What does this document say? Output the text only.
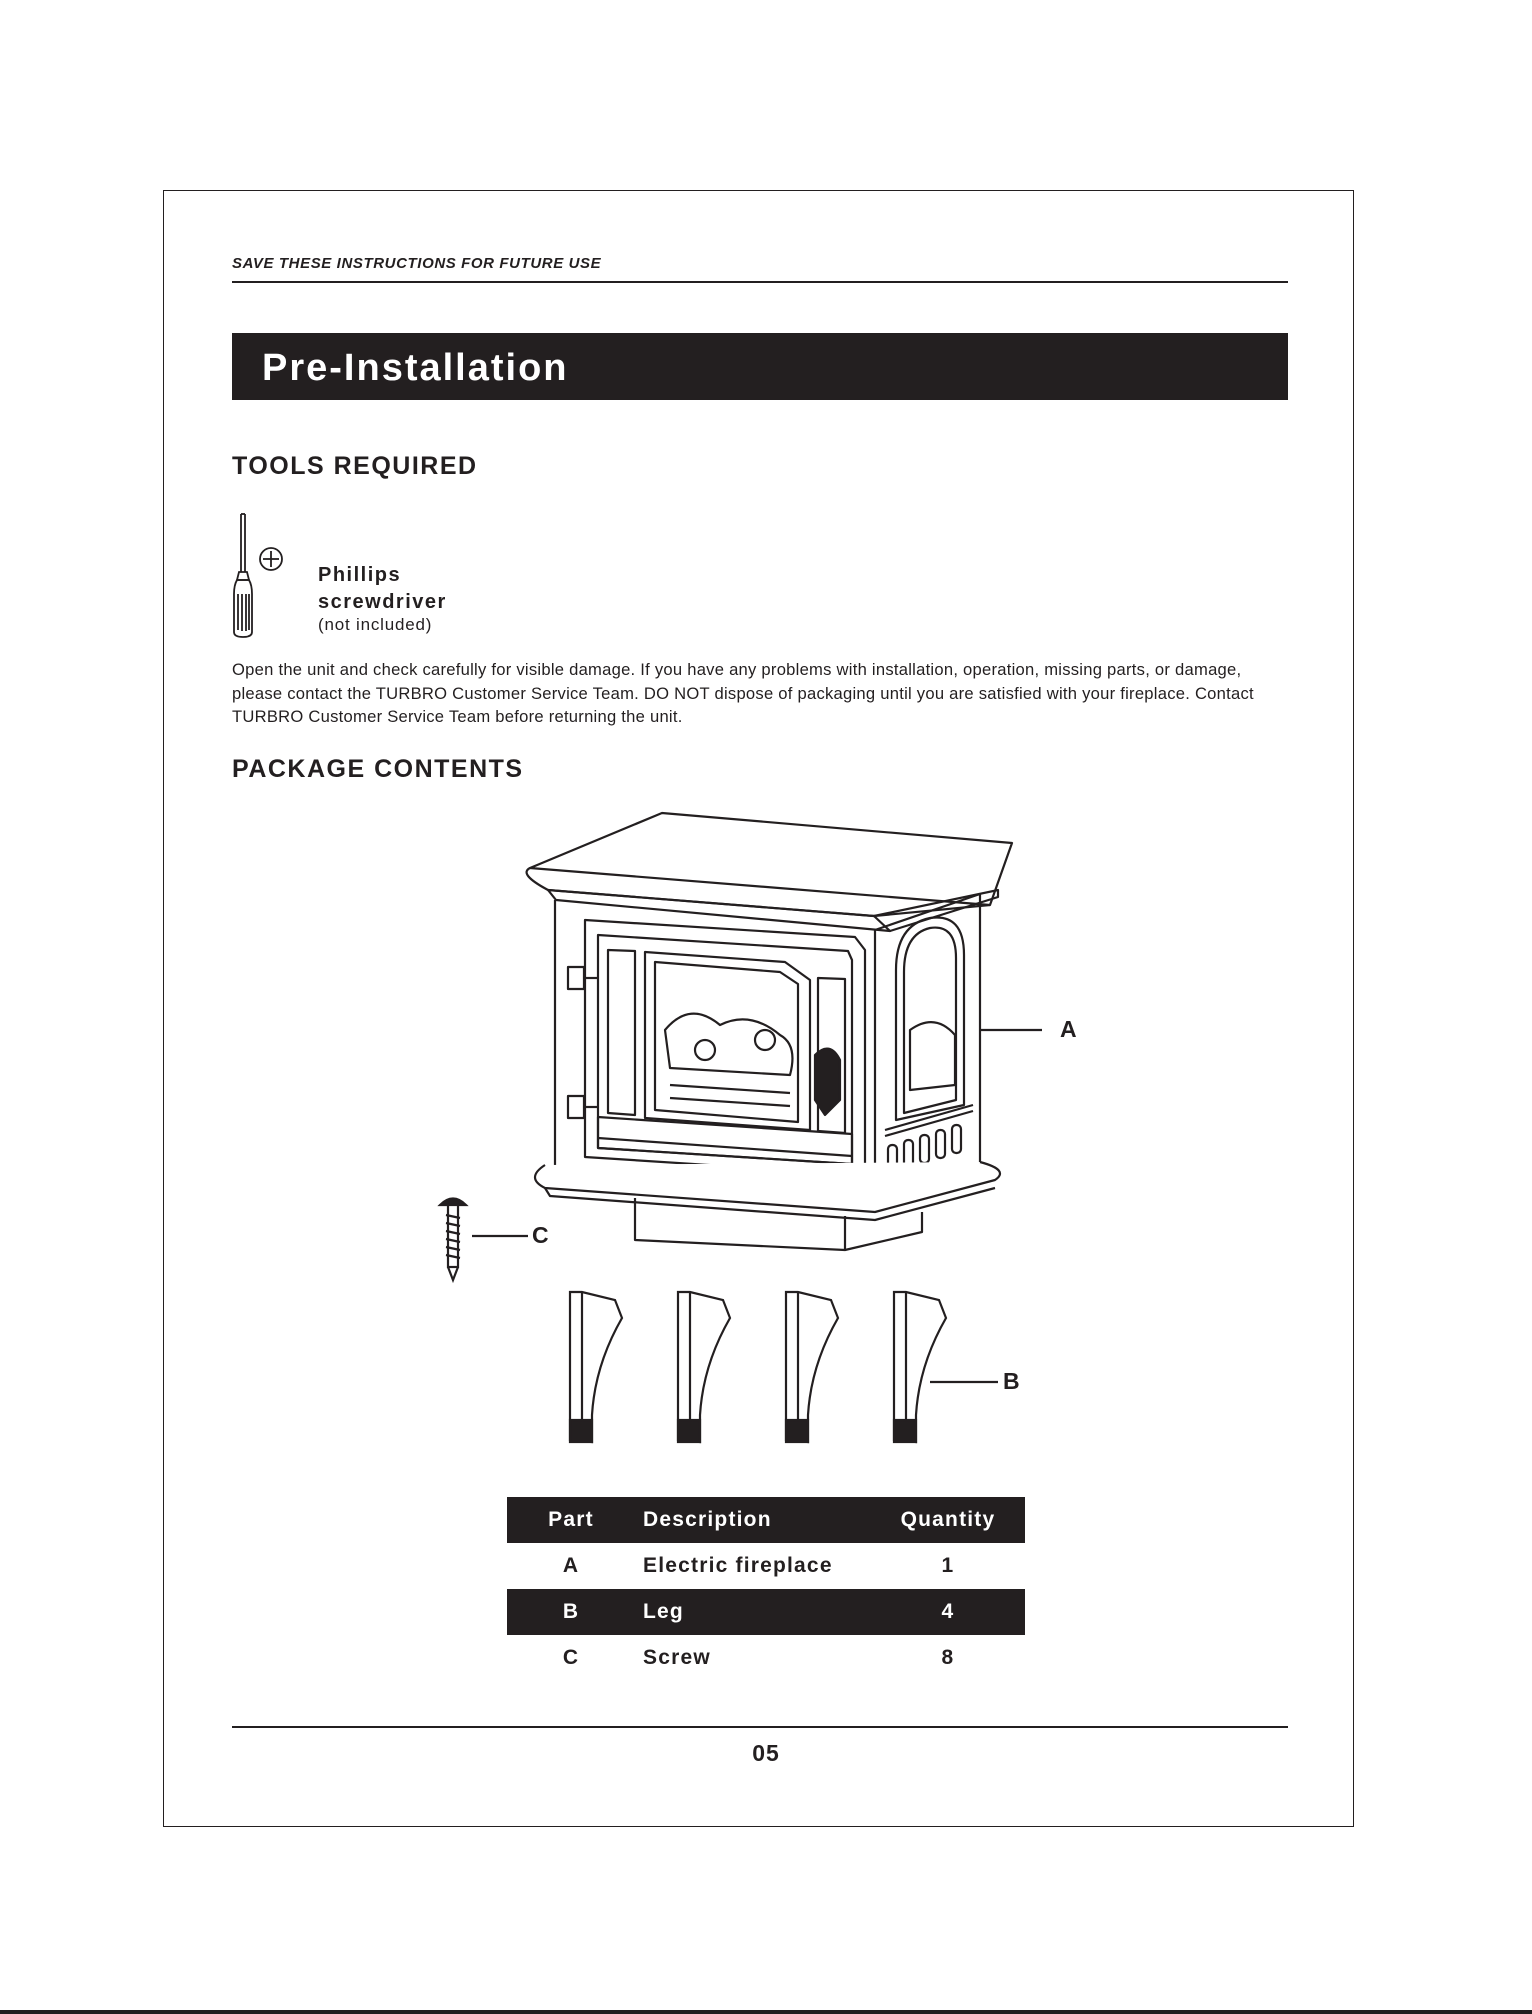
SAVE THESE INSTRUCTIONS FOR FUTURE USE
Pre-Installation
TOOLS REQUIRED
Phillips
screwdriver
(not included)
Open the unit and check carefully for visible damage. If you have any problems with installation, operation, missing parts, or damage, please contact the TURBRO Customer Service Team. DO NOT dispose of packaging until you are satisfied with your fireplace. Contact TURBRO Customer Service Team before returning the unit.
PACKAGE CONTENTS
A
C
B
Part	Description	Quantity
A	Electric fireplace	1
B	Leg	4
C	Screw	8
05
